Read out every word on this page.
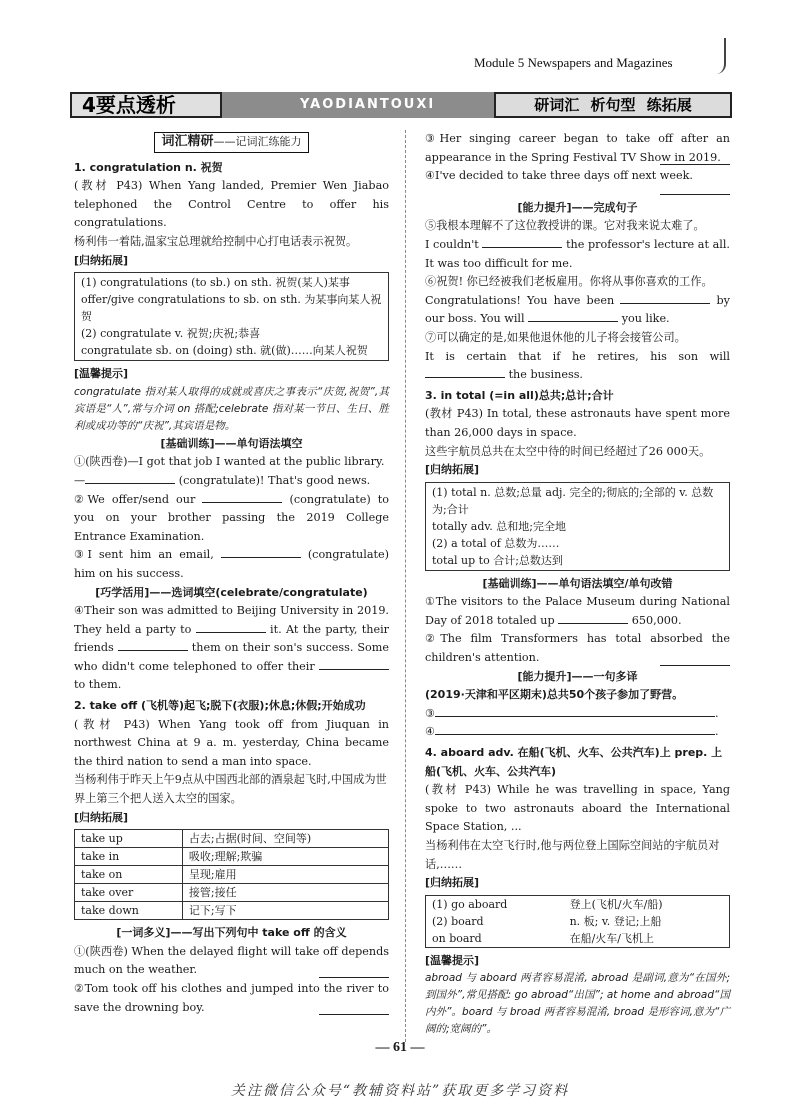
Module 5 Newspapers and Magazines
4要点透析	YAODIANTOUXI	研词汇 析句型 练拓展
词汇精研——记词汇练能力

1. congratulation n. 祝贺

(教材 P43) When Yang landed, Premier Wen Jiabao telephoned the Control Centre to offer his congratulations.

杨利伟一着陆,温家宝总理就给控制中心打电话表示祝贺。

[归纳拓展]

(1) congratulations (to sb.) on sth. 祝贺(某人)某事
offer/give congratulations to sb. on sth. 为某事向某人祝贺
(2) congratulate v. 祝贺;庆祝;恭喜
congratulate sb. on (doing) sth. 就(做)……向某人祝贺

[温馨提示]

congratulate 指对某人取得的成就或喜庆之事表示“庆贺,祝贺”,其宾语是“人”,常与介词 on 搭配;celebrate 指对某一节日、生日、胜利或成功等的“庆祝”,其宾语是物。

[基础训练]——单句语法填空

①(陕西卷)—I got that job I wanted at the public library.

—	(congratulate)! That's good news.

②We offer/send our	(congratulate) to you on your brother passing the 2019 College Entrance Examination.

③I sent him an email,	(congratulate) him on his success.

[巧学活用]——选词填空(celebrate/congratulate)

④Their son was admitted to Beijing University in 2019. They held a party to	it. At the party, their friends	them on their son's success. Some who didn't come telephoned to offer their  to them.

2. take off (飞机等)起飞;脱下(衣服);休息;休假;开始成功

(教材 P43) When Yang took off from Jiuquan in northwest China at 9 a. m. yesterday, China became the third nation to send a man into space.

当杨利伟于昨天上午9点从中国西北部的酒泉起飞时,中国成为世界上第三个把人送入太空的国家。

[归纳拓展]

take up	占去;占据(时间、空间等)
take in	吸收;理解;欺骗
take on	呈现;雇用
take over	接管;接任
take down	记下;写下

[一词多义]——写出下列句中 take off 的含义

①(陕西卷) When the delayed flight will take off depends much on the weather.

②Tom took off his clothes and jumped into the river to save the drowning boy.

③Her singing career began to take off after an appearance in the Spring Festival TV Show in 2019.

④I've decided to take three days off next week.

[能力提升]——完成句子

⑤我根本理解不了这位教授讲的课。它对我来说太难了。

I couldn't	the professor's lecture at all. It was too difficult for me.

⑥祝贺! 你已经被我们老板雇用。你将从事你喜欢的工作。

Congratulations! You have been	by our boss. You will	you like.

⑦可以确定的是,如果他退休他的儿子将会接管公司。

It is certain that if he retires, his son will  the business.

3. in total (=in all)总共;总计;合计

(教材 P43) In total, these astronauts have spent more than 26,000 days in space.

这些宇航员总共在太空中待的时间已经超过了26 000天。

[归纳拓展]

(1) total n. 总数;总量 adj. 完全的;彻底的;全部的 v. 总数为;合计
totally adv. 总和地;完全地
(2) a total of 总数为……
total up to 合计;总数达到

[基础训练]——单句语法填空/单句改错

①The visitors to the Palace Museum during National Day of 2018 totaled up	650,000.

②The film Transformers has total absorbed the children's attention.

[能力提升]——一句多译

(2019·天津和平区期末)总共50个孩子参加了野营。

③	.

④	.

4. aboard adv. 在船(飞机、火车、公共汽车)上 prep. 上船(飞机、火车、公共汽车)

(教材 P43) While he was travelling in space, Yang spoke to two astronauts aboard the International Space Station, ...

当杨利伟在太空飞行时,他与两位登上国际空间站的宇航员对话,……

[归纳拓展]

(1) go aboard	登上(飞机/火车/船)
(2) board	n. 板; v. 登记;上船
on board	在船/火车/飞机上

[温馨提示]

abroad 与 aboard 两者容易混淆, abroad 是副词,意为“在国外;到国外”,常见搭配: go abroad“出国”; at home and abroad“国内外”。board 与 broad 两者容易混淆, broad 是形容词,意为“广阔的;宽阔的”。

— 61 —
关注微信公众号“教辅资料站”获取更多学习资料
